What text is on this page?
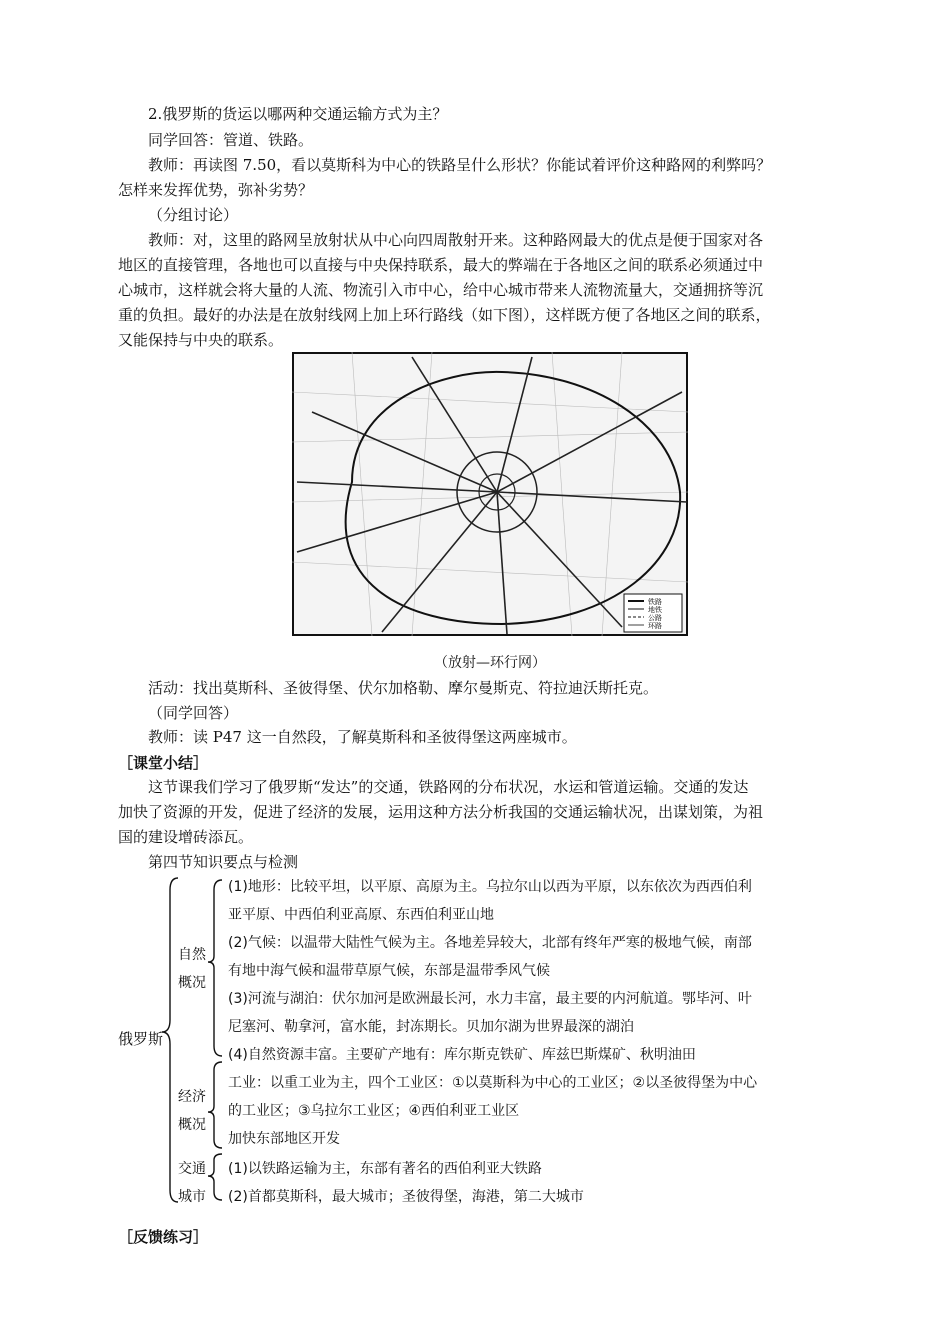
2.俄罗斯的货运以哪两种交通运输方式为主？
同学回答：管道、铁路。
教师：再读图 7.50，看以莫斯科为中心的铁路呈什么形状？你能试着评价这种路网的利弊吗？
怎样来发挥优势，弥补劣势？
（分组讨论）
教师：对，这里的路网呈放射状从中心向四周散射开来。这种路网最大的优点是便于国家对各
地区的直接管理，各地也可以直接与中央保持联系，最大的弊端在于各地区之间的联系必须通过中
心城市，这样就会将大量的人流、物流引入市中心，给中心城市带来人流物流量大，交通拥挤等沉
重的负担。最好的办法是在放射线网上加上环行路线（如下图），这样既方便了各地区之间的联系，
又能保持与中央的联系。
铁路
地铁
公路
环路
（放射—环行网）
活动：找出莫斯科、圣彼得堡、伏尔加格勒、摩尔曼斯克、符拉迪沃斯托克。
（同学回答）
教师：读 P47 这一自然段，了解莫斯科和圣彼得堡这两座城市。
［课堂小结］
这节课我们学习了俄罗斯“发达”的交通，铁路网的分布状况，水运和管道运输。交通的发达
加快了资源的开发，促进了经济的发展，运用这种方法分析我国的交通运输状况，出谋划策，为祖
国的建设增砖添瓦。
第四节知识要点与检测
俄罗斯
自然
概况
(1)地形：比较平坦，以平原、高原为主。乌拉尔山以西为平原，以东依次为西西伯利
亚平原、中西伯利亚高原、东西伯利亚山地
(2)气候：以温带大陆性气候为主。各地差异较大，北部有终年严寒的极地气候，南部
有地中海气候和温带草原气候，东部是温带季风气候
(3)河流与湖泊：伏尔加河是欧洲最长河，水力丰富，最主要的内河航道。鄂毕河、叶
尼塞河、勒拿河，富水能，封冻期长。贝加尔湖为世界最深的湖泊
(4)自然资源丰富。主要矿产地有：库尔斯克铁矿、库兹巴斯煤矿、秋明油田
经济
概况
工业：以重工业为主，四个工业区：①以莫斯科为中心的工业区；②以圣彼得堡为中心
的工业区；③乌拉尔工业区；④西伯利亚工业区
加快东部地区开发
交通
城市
(1)以铁路运输为主，东部有著名的西伯利亚大铁路
(2)首都莫斯科，最大城市；圣彼得堡，海港，第二大城市
［反馈练习］
